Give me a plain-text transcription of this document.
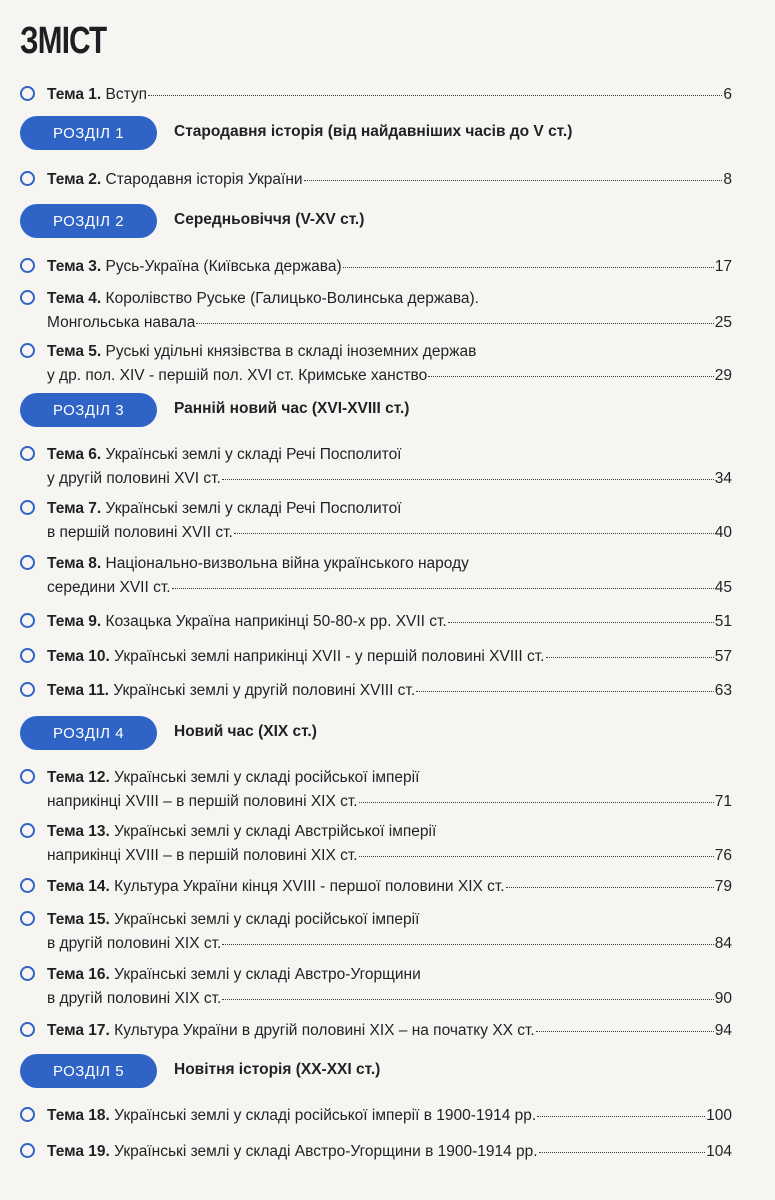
ЗМІСТ
Тема 1. Вступ	6
РОЗДІЛ 1	Стародавня історія (від найдавніших часів до V ст.)
Тема 2. Стародавня історія України	8
РОЗДІЛ 2	Середньовіччя (V-XV ст.)
Тема 3. Русь-Україна (Київська держава)	17
Тема 4. Королівство Руське (Галицько-Волинська держава).
Монгольська навала	25
Тема 5. Руські удільні князівства в складі іноземних держав
у др. пол. XIV - першій пол. XVI ст. Кримське ханство	29
РОЗДІЛ 3	Ранній новий час (XVI-XVIII ст.)
Тема 6. Українські землі у складі Речі Посполитої
у другій половині XVI ст.	34
Тема 7. Українські землі у складі Речі Посполитої
в першій половині XVII ст.	40
Тема 8. Національно-визвольна війна українського народу
середини XVII ст.	45
Тема 9. Козацька Україна наприкінці 50-80-х рр. XVII ст.	51
Тема 10. Українські землі наприкінці XVII - у першій половині XVIII ст.	57
Тема 11. Українські землі у другій половині XVIII ст.	63
РОЗДІЛ 4	Новий час (XIX ст.)
Тема 12. Українські землі у складі російської імперії
наприкінці XVIII – в першій половині XIX ст.	71
Тема 13. Українські землі у складі Австрійської імперії
наприкінці XVIII – в першій половині XIX ст.	76
Тема 14. Культура України кінця XVIII - першої половини XIX ст.	79
Тема 15. Українські землі у складі російської імперії
в другій половині XIX ст.	84
Тема 16. Українські землі у складі Австро-Угорщини
в другій половині XIX ст.	90
Тема 17. Культура України в другій половині XIX – на початку XX ст.	94
РОЗДІЛ 5	Новітня історія (XX-XXI ст.)
Тема 18. Українські землі у складі російської імперії в 1900-1914 рр.	100
Тема 19. Українські землі у складі Австро-Угорщини в 1900-1914 рр.	104
